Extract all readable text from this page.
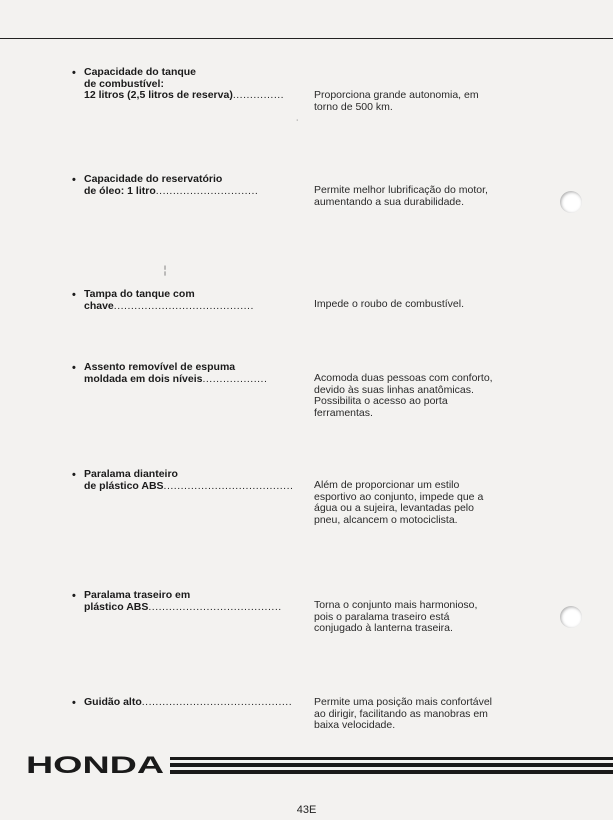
• Capacidade do tanque
de combustível:
12 litros (2,5 litros de reserva)...............	Proporciona grande autonomia, em torno de 500 km.
• Capacidade do reservatório
de óleo: 1 litro..............................	Permite melhor lubrificação do motor, aumentando a sua durabilidade.
• Tampa do tanque com
chave.........................................	Impede o roubo de combustível.
• Assento removível de espuma
moldada em dois níveis...................	Acomoda duas pessoas com conforto, devido às suas linhas anatômicas. Possibilita o acesso ao porta ferramentas.
• Paralama dianteiro
de plástico ABS......................................	Além de proporcionar um estilo esportivo ao conjunto, impede que a água ou a sujeira, levantadas pelo pneu, alcancem o motociclista.
• Paralama traseiro em
plástico ABS.......................................	Torna o conjunto mais harmonioso, pois o paralama traseiro está conjugado à lanterna traseira.
• Guidão alto............................................	Permite uma posição mais confortável ao dirigir, facilitando as manobras em baixa velocidade.
╎
˙
HONDA
43E
